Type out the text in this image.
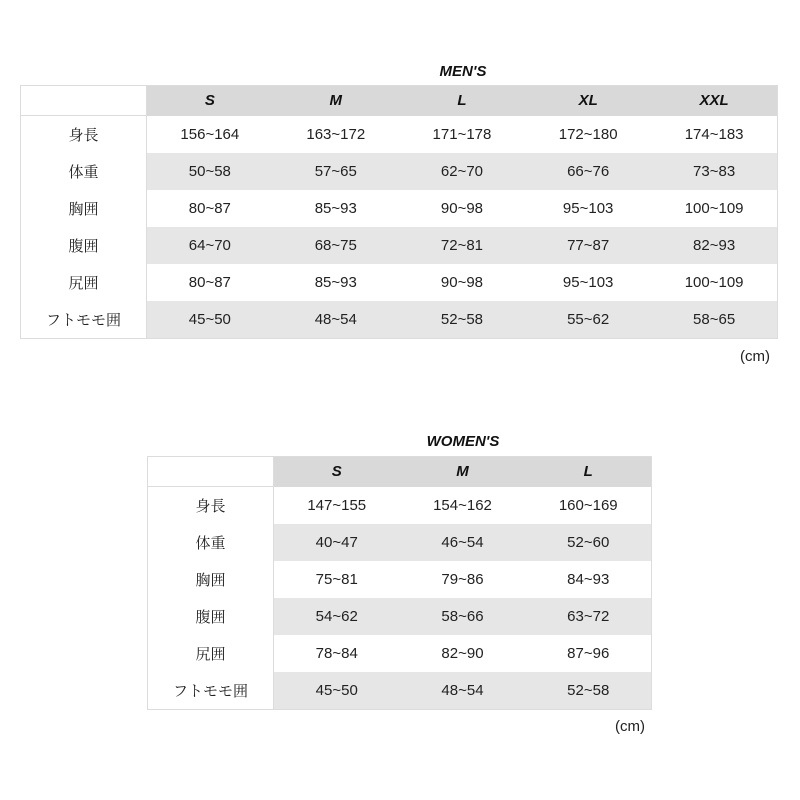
MEN'S
	S	M	L	XL	XXL
身長	156~164	163~172	171~178	172~180	174~183
体重	50~58	57~65	62~70	66~76	73~83
胸囲	80~87	85~93	90~98	95~103	100~109
腹囲	64~70	68~75	72~81	77~87	82~93
尻囲	80~87	85~93	90~98	95~103	100~109
フトモモ囲	45~50	48~54	52~58	55~62	58~65
(cm)
WOMEN'S
	S	M	L
身長	147~155	154~162	160~169
体重	40~47	46~54	52~60
胸囲	75~81	79~86	84~93
腹囲	54~62	58~66	63~72
尻囲	78~84	82~90	87~96
フトモモ囲	45~50	48~54	52~58
(cm)
